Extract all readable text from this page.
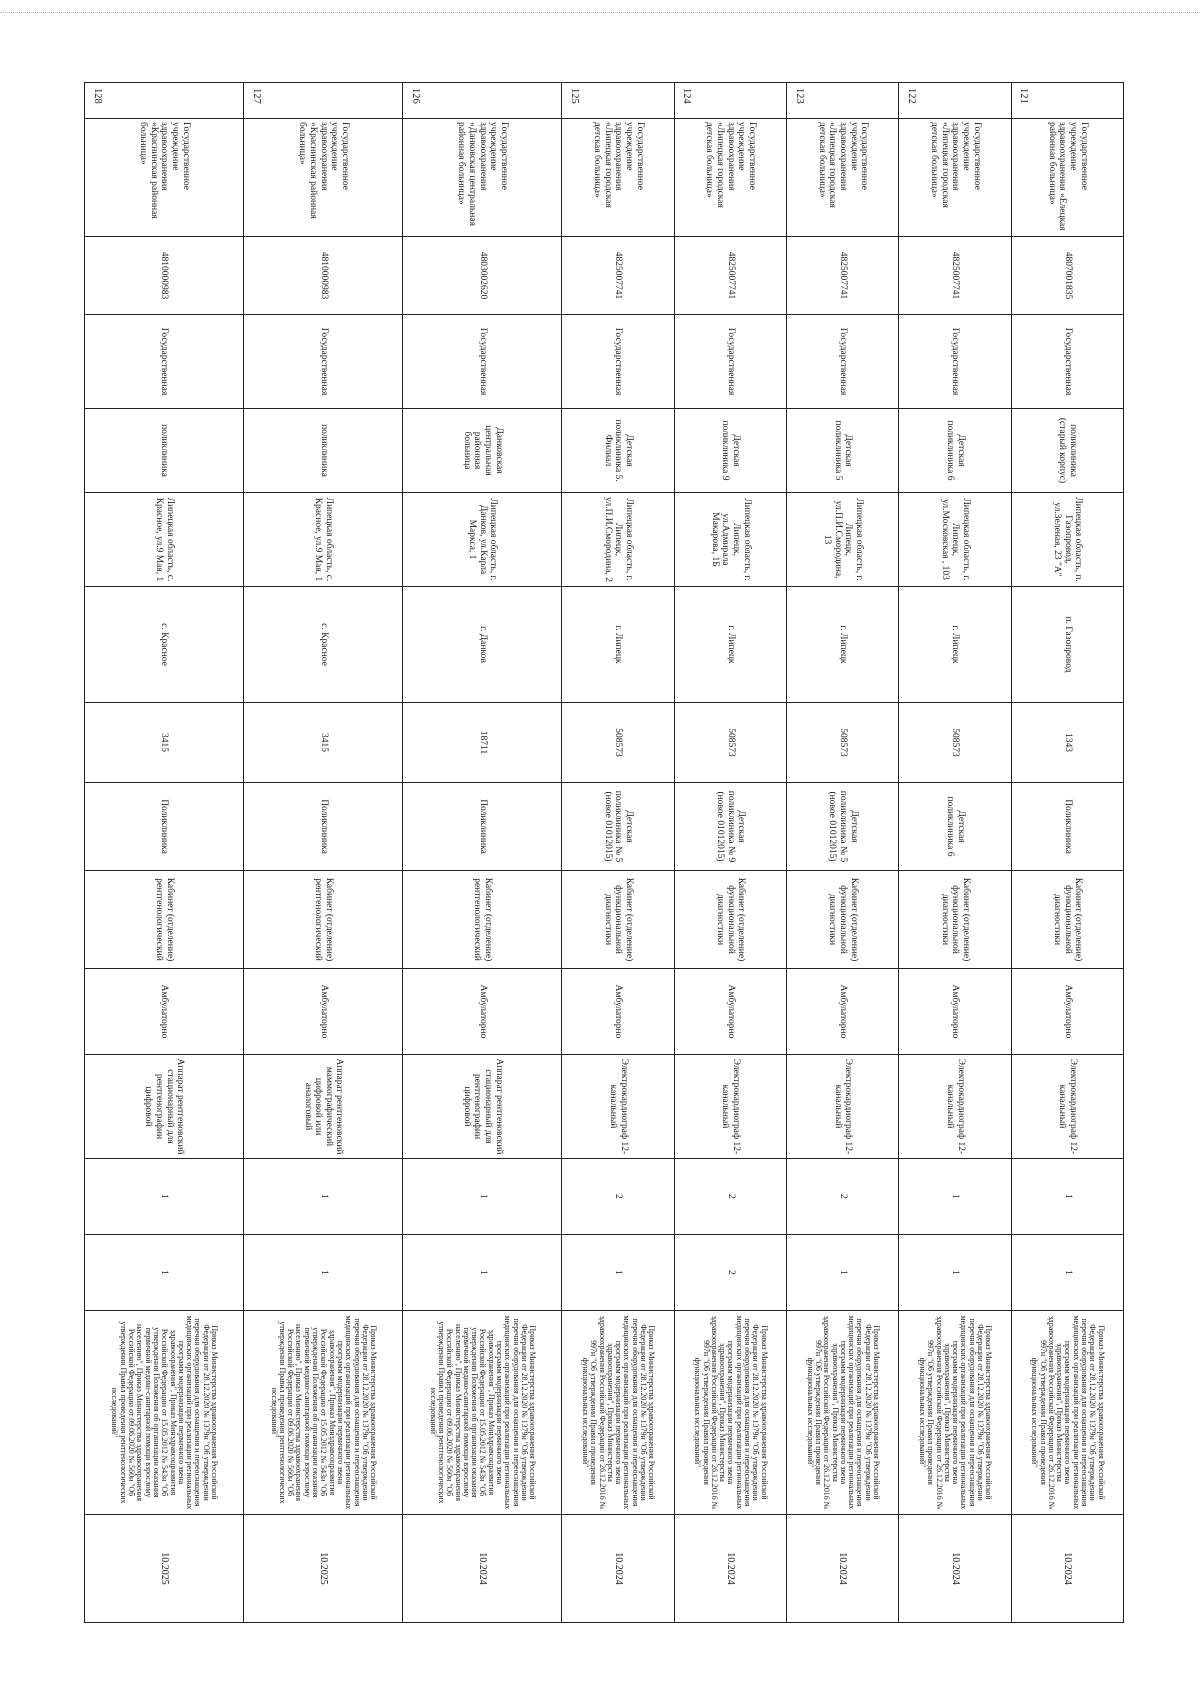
121	Государственное учреждение здравоохранения «Елецкая районная больница»	4807001835	Государственная	поликлиника (старый корпус)	Липецкая область, п. Газопровод, ул.Зеленая, 23 "А"	п. Газопровод	1343	Поликлиника	Кабинет (отделение) функциональной диагностики	Амбулаторно	Электрокардиограф 12-канальный	1	1	Приказ Министерства здравоохранения Российской Федерации от 28.12.2020 № 1379н "Об утверждении перечня оборудования для оснащения и переоснащения медицинских организаций при реализации региональных программ модернизации первичного звена здравоохранения", Приказ Министерства здравоохранения Российской Федерации от 26.12.2016 № 997н "Об утверждении Правил проведения функциональных исследований"	10.2024
122	Государственное учреждение здравоохранения «Липецкая городская детская больница»	4825007741	Государственная	Детская поликлиника 6	Липецкая область, г. Липецк, ул.Московская , 103	г. Липецк	508573	Детская поликлиника 6	Кабинет (отделение) функциональной диагностики	Амбулаторно	Электрокардиограф 12-канальный	1	1	Приказ Министерства здравоохранения Российской Федерации от 28.12.2020 № 1379н "Об утверждении перечня оборудования для оснащения и переоснащения медицинских организаций при реализации региональных программ модернизации первичного звена здравоохранения", Приказ Министерства здравоохранения Российской Федерации от 26.12.2016 № 997н "Об утверждении Правил проведения функциональных исследований"	10.2024
123	Государственное учреждение здравоохранения «Липецкая городская детская больница»	4825007741	Государственная	Детская поликлиника 5	Липецкая область, г. Липецк, ул.П.И.Смородина, 13	г. Липецк	508573	Детская поликлиника № 5 (новое 01012015)	Кабинет (отделение) функциональной диагностики	Амбулаторно	Электрокардиограф 12-канальный	2	1	Приказ Министерства здравоохранения Российской Федерации от 28.12.2020 № 1379н "Об утверждении перечня оборудования для оснащения и переоснащения медицинских организаций при реализации региональных программ модернизации первичного звена здравоохранения", Приказ Министерства здравоохранения Российской Федерации от 26.12.2016 № 997н "Об утверждении Правил проведения функциональных исследований"	10.2024
124	Государственное учреждение здравоохранения «Липецкая городская детская больница»	4825007741	Государственная	Детская поликлиника 9	Липецкая область, г. Липецк, ул.Адмирала Макарова, 1Б	г. Липецк	508573	Детская поликлиника № 9 (новое 01012015)	Кабинет (отделение) функциональной диагностики	Амбулаторно	Электрокардиограф 12-канальный	2	2	Приказ Министерства здравоохранения Российской Федерации от 28.12.2020 № 1379н "Об утверждении перечня оборудования для оснащения и переоснащения медицинских организаций при реализации региональных программ модернизации первичного звена здравоохранения", Приказ Министерства здравоохранения Российской Федерации от 26.12.2016 № 997н "Об утверждении Правил проведения функциональных исследований"	10.2024
125	Государственное учреждение здравоохранения «Липецкая городская детская больница»	4825007741	Государственная	Детская поликлиника 5. Филиал	Липецкая область, г. Липецк, ул.П.И.Смородина, 2	г. Липецк	508573	Детская поликлиника № 5 (новое 01012015)	Кабинет (отделение) функциональной диагностики	Амбулаторно	Электрокардиограф 12-канальный	2	1	Приказ Министерства здравоохранения Российской Федерации от 28.12.2020 № 1379н "Об утверждении перечня оборудования для оснащения и переоснащения медицинских организаций при реализации региональных программ модернизации первичного звена здравоохранения", Приказ Министерства здравоохранения Российской Федерации от 26.12.2016 № 997н "Об утверждении Правил проведения функциональных исследований"	10.2024
126	Государственное учреждение здравоохранения «Данковская центральная районная больница»	4803002620	Государственная	Данковская центральная районная больница	Липецкая область, г. Данков, ул.Карла Маркса, 1	г. Данков	18711	Поликлиника	Кабинет (отделение) рентгенологический	Амбулаторно	Аппарат рентгеновский стационарный для рентгенографии цифровой	1	1	Приказ Министерства здравоохранения Российской Федерации от 28.12.2020 № 1379н "Об утверждении перечня оборудования для оснащения и переоснащения медицинских организаций при реализации региональных программ модернизации первичного звена здравоохранения", Приказ Минздравсоцразвития Российской Федерации от 15.05.2012 № 543н "Об утверждении Положения об организации оказания первичной медико-санитарной помощи взрослому населению", Приказ Министерства здравоохранения Российской Федерации от 09.06.2020 № 560н "Об утверждении Правил проведения рентгенологических исследований"	10.2024
127	Государственное учреждение здравоохранения «Краснинская районная больница»	4810000983	Государственная	поликлиника	Липецкая область, с. Красное, ул.9 Мая, 1	с. Красное	3415	Поликлиника	Кабинет (отделение) рентгенологический	Амбулаторно	Аппарат рентгеновский маммографический цифровой или аналоговый	1	1	Приказ Министерства здравоохранения Российской Федерации от 28.12.2020 № 1379н "Об утверждении перечня оборудования для оснащения и переоснащения медицинских организаций при реализации региональных программ модернизации первичного звена здравоохранения", Приказ Минздравсоцразвития Российской Федерации от 15.05.2012 № 543н "Об утверждении Положения об организации оказания первичной медико-санитарной помощи взрослому населению", Приказ Министерства здравоохранения Российской Федерации от 09.06.2020 № 560н "Об утверждении Правил проведения рентгенологических исследований"	10.2025
128	Государственное учреждение здравоохранения «Краснинская районная больница»	4810000983	Государственная	поликлиника	Липецкая область, с. Красное, ул.9 Мая, 1	с. Красное	3415	Поликлиника	Кабинет (отделение) рентгенологический	Амбулаторно	Аппарат рентгеновский стационарный для рентгенографии цифровой	1	1	Приказ Министерства здравоохранения Российской Федерации от 28.12.2020 № 1379н "Об утверждении перечня оборудования для оснащения и переоснащения медицинских организаций при реализации региональных программ модернизации первичного звена здравоохранения", Приказ Минздравсоцразвития Российской Федерации от 15.05.2012 № 543н "Об утверждении Положения об организации оказания первичной медико-санитарной помощи взрослому населению", Приказ Министерства здравоохранения Российской Федерации от 09.06.2020 № 560н "Об утверждении Правил проведения рентгенологических исследований"	10.2025
